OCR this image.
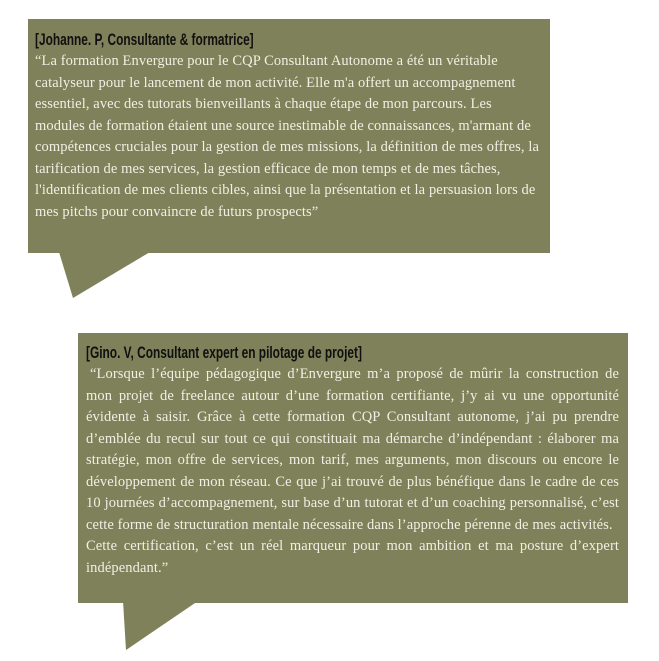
[Johanne. P, Consultante & formatrice]

“La formation Envergure pour le CQP Consultant Autonome a été un véritable catalyseur pour le lancement de mon activité. Elle m'a offert un accompagnement essentiel, avec des tutorats bienveillants à chaque étape de mon parcours. Les modules de formation étaient une source inestimable de connaissances, m'armant de compétences cruciales pour la gestion de mes missions, la définition de mes offres, la tarification de mes services, la gestion efficace de mon temps et de mes tâches, l'identification de mes clients cibles, ainsi que la présentation et la persuasion lors de mes pitchs pour convaincre de futurs prospects”

[Gino. V, Consultant expert en pilotage de projet]

“Lorsque l’équipe pédagogique d’Envergure m’a proposé de mûrir la construction de mon projet de freelance autour d’une formation certifiante, j’y ai vu une opportunité évidente à saisir. Grâce à cette formation CQP Consultant autonome, j’ai pu prendre d’emblée du recul sur tout ce qui constituait ma démarche d’indépendant : élaborer ma stratégie, mon offre de services, mon tarif, mes arguments, mon discours ou encore le développement de mon réseau. Ce que j’ai trouvé de plus bénéfique dans le cadre de ces 10 journées d’accompagnement, sur base d’un tutorat et d’un coaching personnalisé, c’est cette forme de structuration mentale nécessaire dans l’approche pérenne de mes activités.

Cette certification, c’est un réel marqueur pour mon ambition et ma posture d’expert indépendant.”
